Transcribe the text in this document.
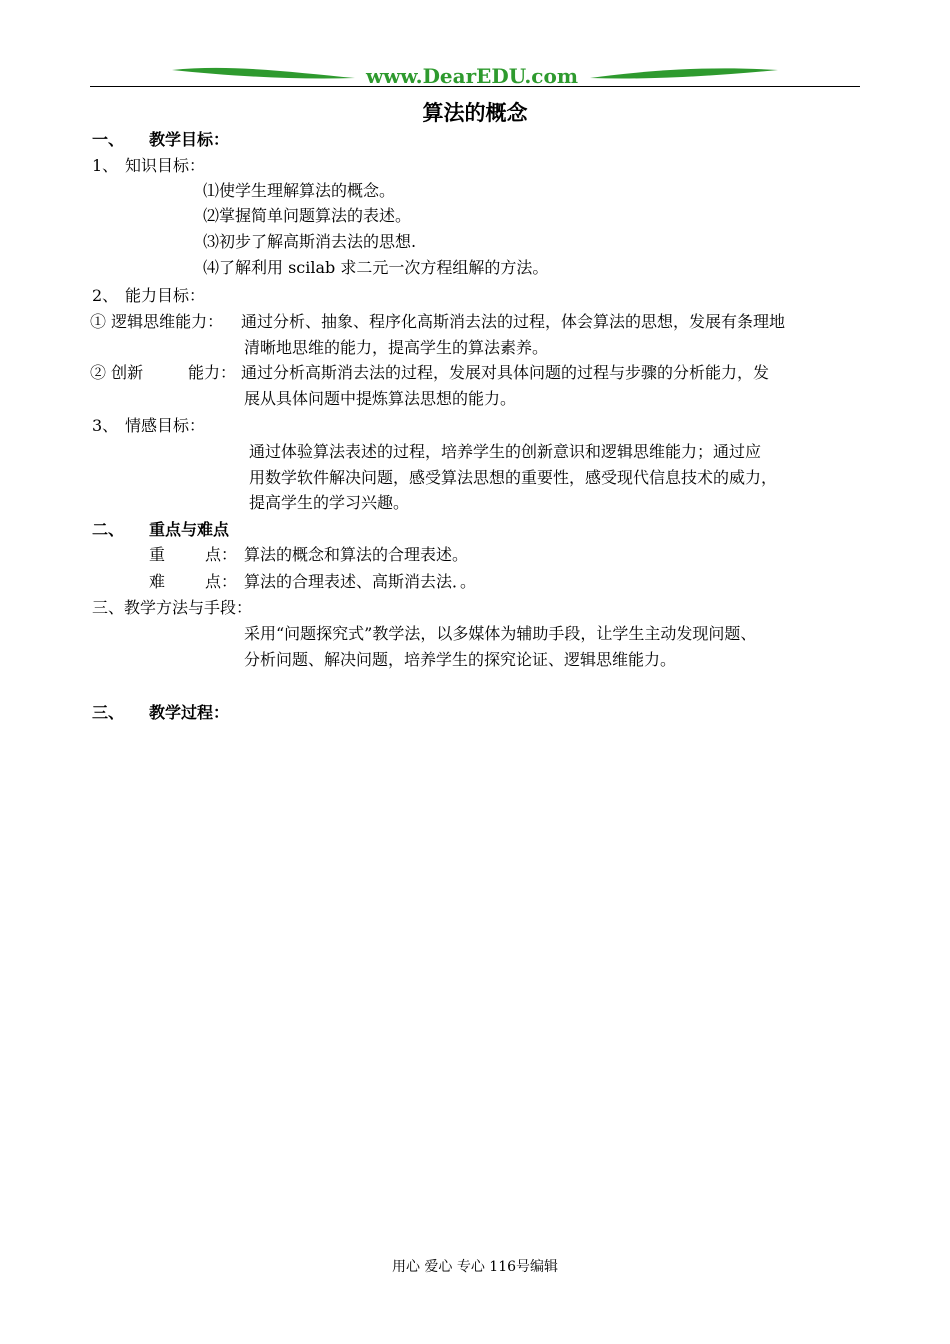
www.DearEDU.com
算法的概念
一、 教学目标：
1、 知识目标：
⑴使学生理解算法的概念。
⑵掌握简单问题算法的表述。
⑶初步了解高斯消去法的思想.
⑷了解利用 scilab 求二元一次方程组解的方法。
2、 能力目标：
① 逻辑思维能力： 通过分析、抽象、程序化高斯消去法的过程，体会算法的思想，发展有条理地
清晰地思维的能力，提高学生的算法素养。
② 创新	能力： 通过分析高斯消去法的过程，发展对具体问题的过程与步骤的分析能力，发
展从具体问题中提炼算法思想的能力。
3、 情感目标：
通过体验算法表述的过程，培养学生的创新意识和逻辑思维能力；通过应
用数学软件解决问题，感受算法思想的重要性，感受现代信息技术的威力，
提高学生的学习兴趣。
二、 重点与难点
重 点： 算法的概念和算法的合理表述。
难 点： 算法的合理表述、高斯消去法．。
三、教学方法与手段：
采用“问题探究式”教学法，以多媒体为辅助手段，让学生主动发现问题、
分析问题、解决问题，培养学生的探究论证、逻辑思维能力。
三、 教学过程：
用心 爱心 专心 116号编辑
